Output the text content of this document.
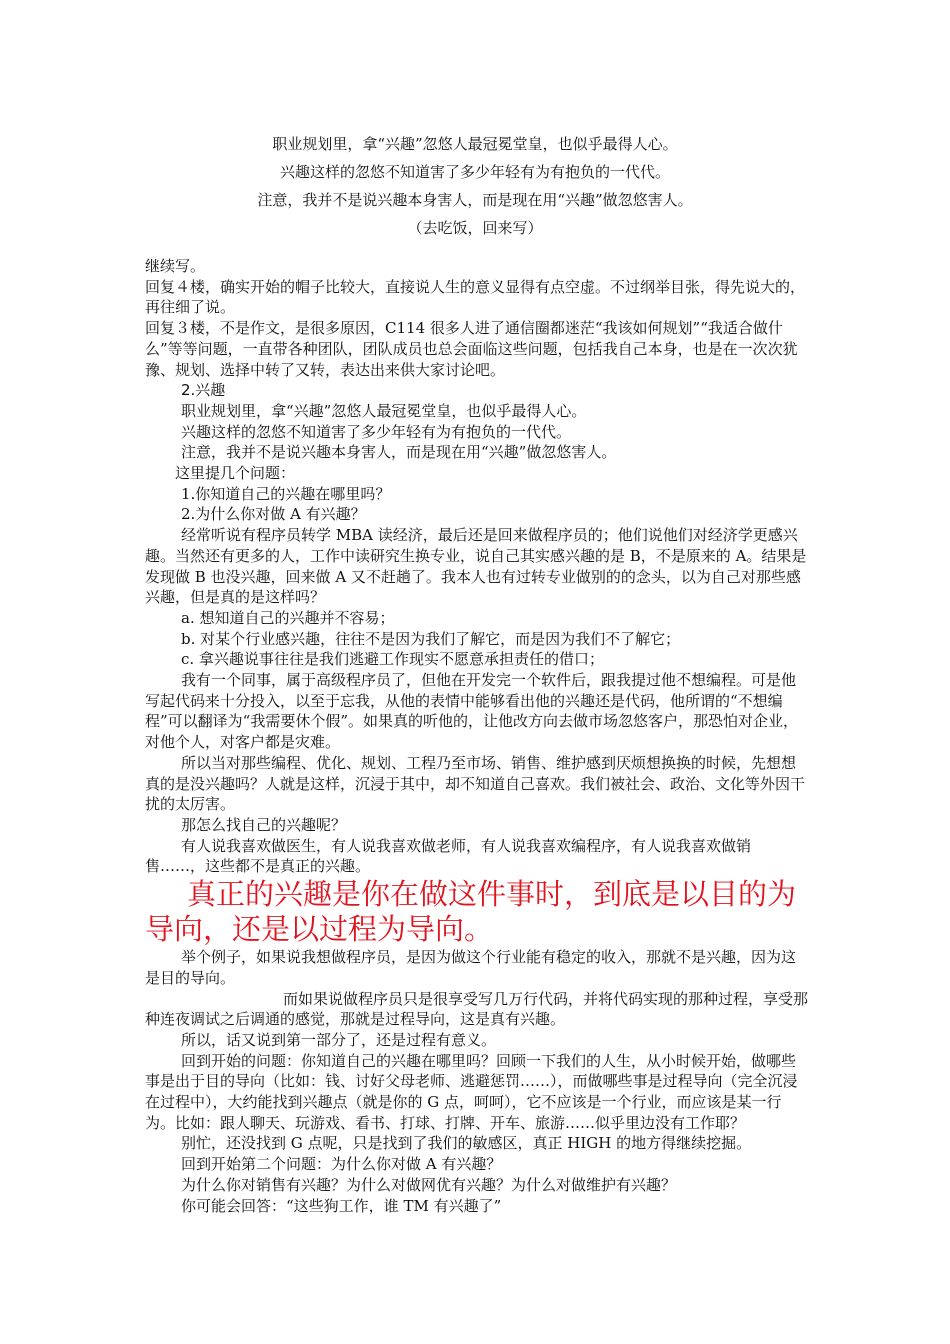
职业规划里，拿“兴趣”忽悠人最冠冕堂皇，也似乎最得人心。

兴趣这样的忽悠不知道害了多少年轻有为有抱负的一代代。

注意，我并不是说兴趣本身害人，而是现在用“兴趣”做忽悠害人。

（去吃饭，回来写）

继续写。

回复４楼，确实开始的帽子比较大，直接说人生的意义显得有点空虚。不过纲举目张，得先说大的，再往细了说。

回复３楼，不是作文，是很多原因，C114 很多人进了通信圈都迷茫“我该如何规划”“我适合做什么”等等问题，一直带各种团队，团队成员也总会面临这些问题，包括我自己本身，也是在一次次犹豫、规划、选择中转了又转，表达出来供大家讨论吧。

2.兴趣

职业规划里，拿“兴趣”忽悠人最冠冕堂皇，也似乎最得人心。

兴趣这样的忽悠不知道害了多少年轻有为有抱负的一代代。

注意，我并不是说兴趣本身害人，而是现在用“兴趣”做忽悠害人。

这里提几个问题：

1.你知道自己的兴趣在哪里吗？

2.为什么你对做 A 有兴趣？

经常听说有程序员转学 MBA 读经济，最后还是回来做程序员的；他们说他们对经济学更感兴趣。当然还有更多的人，工作中读研究生换专业，说自己其实感兴趣的是 B，不是原来的 A。结果是发现做 B 也没兴趣，回来做 A 又不赶趟了。我本人也有过转专业做别的的念头，以为自己对那些感兴趣，但是真的是这样吗？

a. 想知道自己的兴趣并不容易；

b. 对某个行业感兴趣，往往不是因为我们了解它，而是因为我们不了解它；

c. 拿兴趣说事往往是我们逃避工作现实不愿意承担责任的借口；

我有一个同事，属于高级程序员了，但他在开发完一个软件后，跟我提过他不想编程。可是他写起代码来十分投入，以至于忘我，从他的表情中能够看出他的兴趣还是代码，他所谓的“不想编程”可以翻译为“我需要休个假”。如果真的听他的，让他改方向去做市场忽悠客户，那恐怕对企业，对他个人，对客户都是灾难。

所以当对那些编程、优化、规划、工程乃至市场、销售、维护感到厌烦想换换的时候，先想想真的是没兴趣吗？人就是这样，沉浸于其中，却不知道自己喜欢。我们被社会、政治、文化等外因干扰的太厉害。

那怎么找自己的兴趣呢？

有人说我喜欢做医生，有人说我喜欢做老师，有人说我喜欢编程序，有人说我喜欢做销售……，这些都不是真正的兴趣。

真正的兴趣是你在做这件事时，到底是以目的为导向，还是以过程为导向。

举个例子，如果说我想做程序员，是因为做这个行业能有稳定的收入，那就不是兴趣，因为这是目的导向。

而如果说做程序员只是很享受写几万行代码，并将代码实现的那种过程，享受那种连夜调试之后调通的感觉，那就是过程导向，这是真有兴趣。

所以，话又说到第一部分了，还是过程有意义。

回到开始的问题：你知道自己的兴趣在哪里吗？回顾一下我们的人生，从小时候开始，做哪些事是出于目的导向（比如：钱、讨好父母老师、逃避惩罚……），而做哪些事是过程导向（完全沉浸在过程中），大约能找到兴趣点（就是你的 G 点，呵呵），它不应该是一个行业，而应该是某一行为。比如：跟人聊天、玩游戏、看书、打球、打牌、开车、旅游……似乎里边没有工作耶？

别忙，还没找到 G 点呢，只是找到了我们的敏感区，真正 HIGH 的地方得继续挖掘。

回到开始第二个问题：为什么你对做 A 有兴趣？

为什么你对销售有兴趣？为什么对做网优有兴趣？为什么对做维护有兴趣？

你可能会回答：“这些狗工作，谁 TM 有兴趣了”
